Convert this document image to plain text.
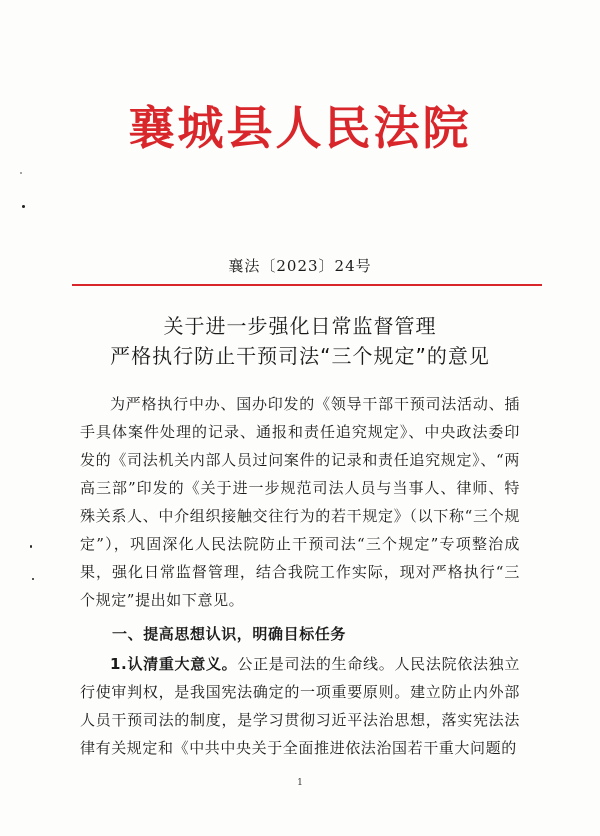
襄城县人民法院
襄法〔2023〕24号
关于进一步强化日常监督管理
严格执行防止干预司法“三个规定”的意见
为严格执行中办、国办印发的《领导干部干预司法活动、插手具体案件处理的记录、通报和责任追究规定》、中央政法委印发的《司法机关内部人员过问案件的记录和责任追究规定》、“两高三部”印发的《关于进一步规范司法人员与当事人、律师、特殊关系人、中介组织接触交往行为的若干规定》（以下称“三个规定”），巩固深化人民法院防止干预司法“三个规定”专项整治成果，强化日常监督管理，结合我院工作实际，现对严格执行“三个规定”提出如下意见。
一、提高思想认识，明确目标任务
1.认清重大意义。公正是司法的生命线。人民法院依法独立行使审判权，是我国宪法确定的一项重要原则。建立防止内外部人员干预司法的制度，是学习贯彻习近平法治思想，落实宪法法律有关规定和《中共中央关于全面推进依法治国若干重大问题的
1
